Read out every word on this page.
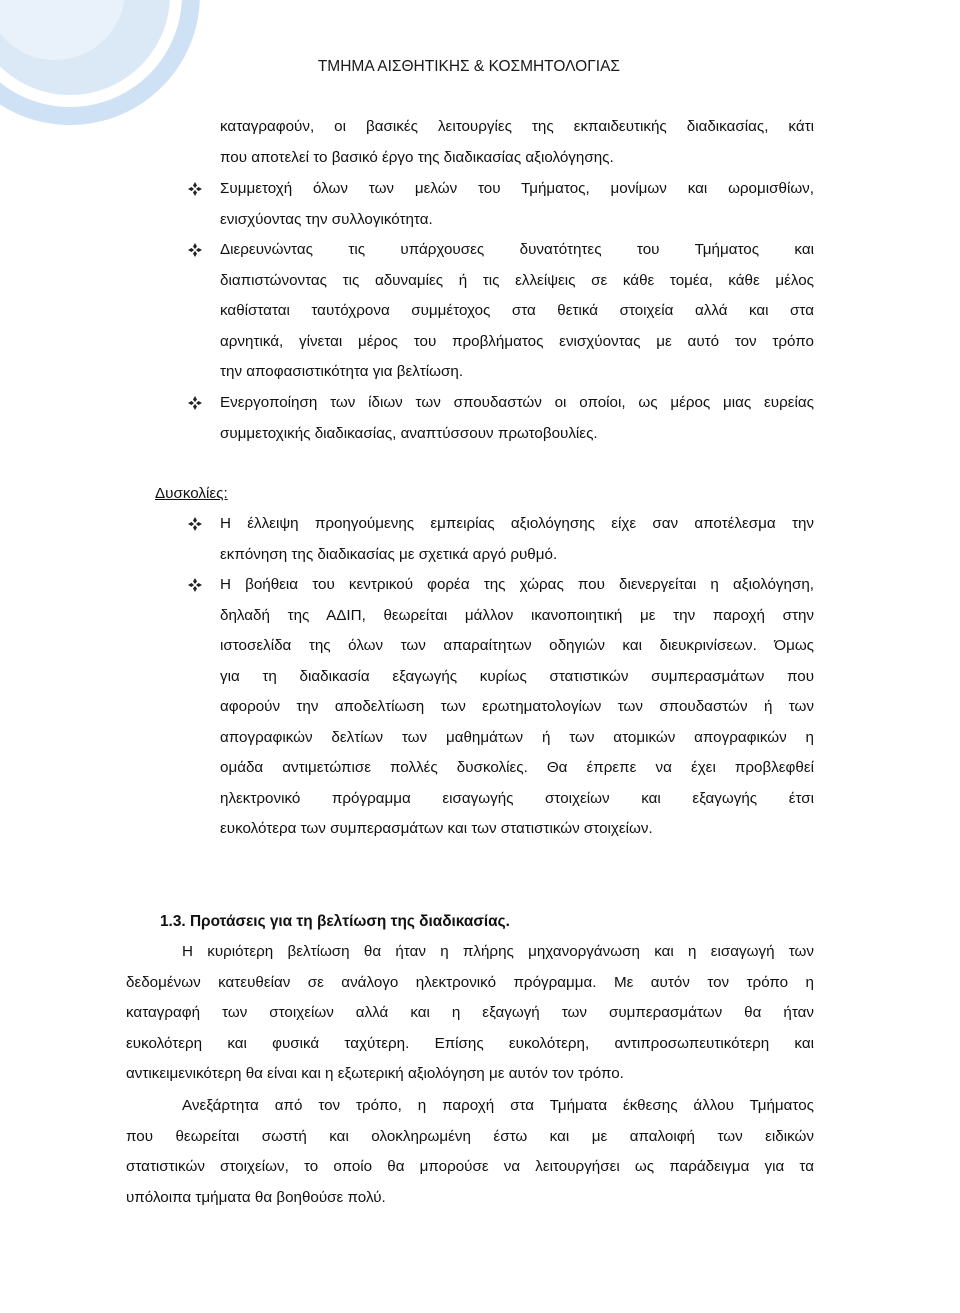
ΤΜΗΜΑ ΑΙΣΘΗΤΙΚΗΣ & ΚΟΣΜΗΤΟΛΟΓΙΑΣ
καταγραφούν, οι βασικές λειτουργίες της εκπαιδευτικής διαδικασίας, κάτι
που αποτελεί το βασικό έργο της διαδικασίας αξιολόγησης.
Συμμετοχή όλων των μελών του Τμήματος, μονίμων και ωρομισθίων,
ενισχύοντας την συλλογικότητα.
Διερευνώντας τις υπάρχουσες δυνατότητες του Τμήματος και
διαπιστώνοντας τις αδυναμίες ή τις ελλείψεις σε κάθε τομέα, κάθε μέλος
καθίσταται ταυτόχρονα συμμέτοχος στα θετικά στοιχεία αλλά και στα
αρνητικά, γίνεται μέρος του προβλήματος ενισχύοντας με αυτό τον τρόπο
την αποφασιστικότητα για βελτίωση.
Ενεργοποίηση των ίδιων των σπουδαστών οι οποίοι, ως μέρος μιας ευρείας
συμμετοχικής διαδικασίας, αναπτύσσουν πρωτοβουλίες.
Δυσκολίες:
Η έλλειψη προηγούμενης εμπειρίας αξιολόγησης είχε σαν αποτέλεσμα την
εκπόνηση της διαδικασίας με σχετικά αργό ρυθμό.
Η βοήθεια του κεντρικού φορέα της χώρας που διενεργείται η αξιολόγηση,
δηλαδή της ΑΔΙΠ, θεωρείται μάλλον ικανοποιητική με την παροχή στην
ιστοσελίδα της όλων των απαραίτητων οδηγιών και διευκρινίσεων. Όμως
για τη διαδικασία εξαγωγής κυρίως στατιστικών συμπερασμάτων που
αφορούν την αποδελτίωση των ερωτηματολογίων των σπουδαστών ή των
απογραφικών δελτίων των μαθημάτων ή των ατομικών απογραφικών η
ομάδα αντιμετώπισε πολλές δυσκολίες. Θα έπρεπε να έχει προβλεφθεί
ηλεκτρονικό πρόγραμμα εισαγωγής στοιχείων και εξαγωγής έτσι
ευκολότερα των συμπερασμάτων και των στατιστικών στοιχείων.
1.3. Προτάσεις για τη βελτίωση της διαδικασίας.
Η κυριότερη βελτίωση θα ήταν η πλήρης μηχανοργάνωση και η εισαγωγή των
δεδομένων κατευθείαν σε ανάλογο ηλεκτρονικό πρόγραμμα. Με αυτόν τον τρόπο η
καταγραφή των στοιχείων αλλά και η εξαγωγή των συμπερασμάτων θα ήταν
ευκολότερη και φυσικά ταχύτερη. Επίσης ευκολότερη, αντιπροσωπευτικότερη και
αντικειμενικότερη θα είναι και η εξωτερική αξιολόγηση με αυτόν τον τρόπο.
Ανεξάρτητα από τον τρόπο, η παροχή στα Τμήματα έκθεσης άλλου Τμήματος
που θεωρείται σωστή και ολοκληρωμένη έστω και με απαλοιφή των ειδικών
στατιστικών στοιχείων, το οποίο θα μπορούσε να λειτουργήσει ως παράδειγμα για τα
υπόλοιπα τμήματα θα βοηθούσε πολύ.
